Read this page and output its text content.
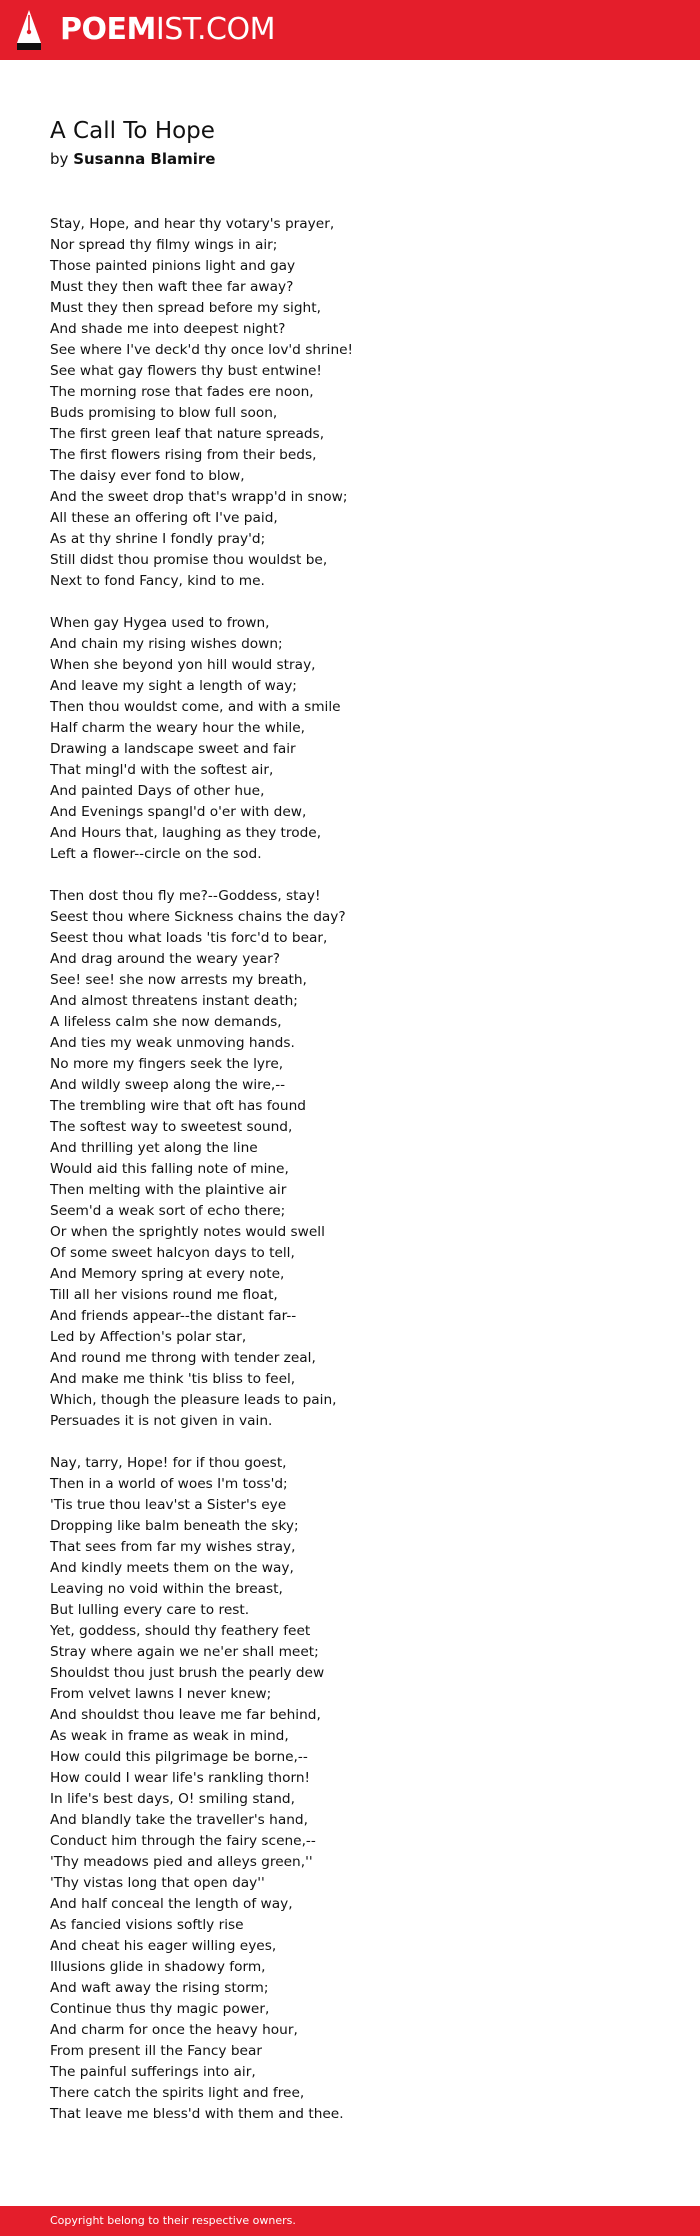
POEMIST.COM
A Call To Hope
by Susanna Blamire
Stay, Hope, and hear thy votary's prayer,
Nor spread thy filmy wings in air;
Those painted pinions light and gay
Must they then waft thee far away?
Must they then spread before my sight,
And shade me into deepest night?
See where I've deck'd thy once lov'd shrine!
See what gay flowers thy bust entwine!
The morning rose that fades ere noon,
Buds promising to blow full soon,
The first green leaf that nature spreads,
The first flowers rising from their beds,
The daisy ever fond to blow,
And the sweet drop that's wrapp'd in snow;
All these an offering oft I've paid,
As at thy shrine I fondly pray'd;
Still didst thou promise thou wouldst be,
Next to fond Fancy, kind to me.
When gay Hygea used to frown,
And chain my rising wishes down;
When she beyond yon hill would stray,
And leave my sight a length of way;
Then thou wouldst come, and with a smile
Half charm the weary hour the while,
Drawing a landscape sweet and fair
That mingl'd with the softest air,
And painted Days of other hue,
And Evenings spangl'd o'er with dew,
And Hours that, laughing as they trode,
Left a flower--circle on the sod.
Then dost thou fly me?--Goddess, stay!
Seest thou where Sickness chains the day?
Seest thou what loads 'tis forc'd to bear,
And drag around the weary year?
See! see! she now arrests my breath,
And almost threatens instant death;
A lifeless calm she now demands,
And ties my weak unmoving hands.
No more my fingers seek the lyre,
And wildly sweep along the wire,--
The trembling wire that oft has found
The softest way to sweetest sound,
And thrilling yet along the line
Would aid this falling note of mine,
Then melting with the plaintive air
Seem'd a weak sort of echo there;
Or when the sprightly notes would swell
Of some sweet halcyon days to tell,
And Memory spring at every note,
Till all her visions round me float,
And friends appear--the distant far--
Led by Affection's polar star,
And round me throng with tender zeal,
And make me think 'tis bliss to feel,
Which, though the pleasure leads to pain,
Persuades it is not given in vain.
Nay, tarry, Hope! for if thou goest,
Then in a world of woes I'm toss'd;
'Tis true thou leav'st a Sister's eye
Dropping like balm beneath the sky;
That sees from far my wishes stray,
And kindly meets them on the way,
Leaving no void within the breast,
But lulling every care to rest.
Yet, goddess, should thy feathery feet
Stray where again we ne'er shall meet;
Shouldst thou just brush the pearly dew
From velvet lawns I never knew;
And shouldst thou leave me far behind,
As weak in frame as weak in mind,
How could this pilgrimage be borne,--
How could I wear life's rankling thorn!
In life's best days, O! smiling stand,
And blandly take the traveller's hand,
Conduct him through the fairy scene,--
'Thy meadows pied and alleys green,''
'Thy vistas long that open day''
And half conceal the length of way,
As fancied visions softly rise
And cheat his eager willing eyes,
Illusions glide in shadowy form,
And waft away the rising storm;
Continue thus thy magic power,
And charm for once the heavy hour,
From present ill the Fancy bear
The painful sufferings into air,
There catch the spirits light and free,
That leave me bless'd with them and thee.
Copyright belong to their respective owners.
